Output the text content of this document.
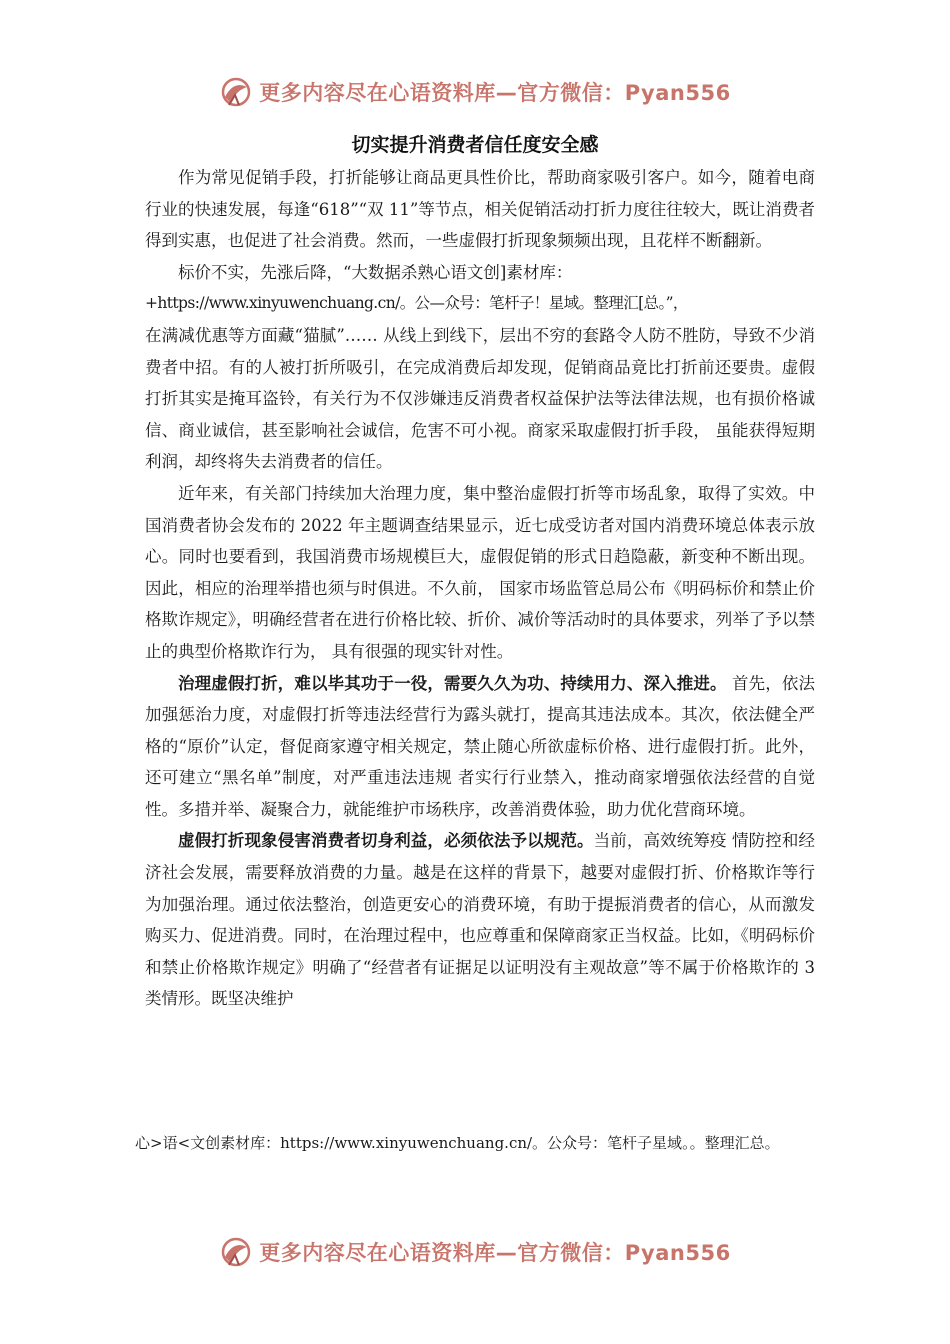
更多内容尽在心语资料库—官方微信：Pyan556
切实提升消费者信任度安全感

作为常见促销手段，打折能够让商品更具性价比，帮助商家吸引客户。如今，随着电商行业的快速发展，每逢“618”“双 11”等节点，相关促销活动打折力度往往较大，既让消费者得到实惠，也促进了社会消费。然而，一些虚假打折现象频频出现，且花样不断翻新。

标价不实，先涨后降，“大数据杀熟心语文创]素材库：

+https://www.xinyuwenchuang.cn/。公—众号：笔杆子！星域。整理汇[总。”，

在满减优惠等方面藏“猫腻”…… 从线上到线下，层出不穷的套路令人防不胜防，导致不少消费者中招。有的人被打折所吸引，在完成消费后却发现，促销商品竟比打折前还要贵。虚假打折其实是掩耳盗铃，有关行为不仅涉嫌违反消费者权益保护法等法律法规，也有损价格诚信、商业诚信，甚至影响社会诚信，危害不可小视。商家采取虚假打折手段， 虽能获得短期利润，却终将失去消费者的信任。

近年来，有关部门持续加大治理力度，集中整治虚假打折等市场乱象，取得了实效。中国消费者协会发布的 2022 年主题调查结果显示，近七成受访者对国内消费环境总体表示放心。同时也要看到，我国消费市场规模巨大，虚假促销的形式日趋隐蔽，新变种不断出现。因此，相应的治理举措也须与时俱进。不久前， 国家市场监管总局公布《明码标价和禁止价格欺诈规定》，明确经营者在进行价格比较、折价、减价等活动时的具体要求，列举了予以禁止的典型价格欺诈行为， 具有很强的现实针对性。

治理虚假打折，难以毕其功于一役，需要久久为功、持续用力、深入推进。 首先，依法加强惩治力度，对虚假打折等违法经营行为露头就打，提高其违法成本。其次，依法健全严格的“原价”认定，督促商家遵守相关规定，禁止随心所欲虚标价格、进行虚假打折。此外，还可建立“黑名单”制度，对严重违法违规 者实行行业禁入，推动商家增强依法经营的自觉性。多措并举、凝聚合力，就能维护市场秩序，改善消费体验，助力优化营商环境。

虚假打折现象侵害消费者切身利益，必须依法予以规范。当前，高效统筹疫 情防控和经济社会发展，需要释放消费的力量。越是在这样的背景下，越要对虚假打折、价格欺诈等行为加强治理。通过依法整治，创造更安心的消费环境，有助于提振消费者的信心，从而激发购买力、促进消费。同时，在治理过程中，也应尊重和保障商家正当权益。比如，《明码标价和禁止价格欺诈规定》明确了“经营者有证据足以证明没有主观故意”等不属于价格欺诈的 3 类情形。既坚决维护

心>语<文创素材库：https://www.xinyuwenchuang.cn/。公众号：笔杆子星域。。整理汇总。
更多内容尽在心语资料库—官方微信：Pyan556
